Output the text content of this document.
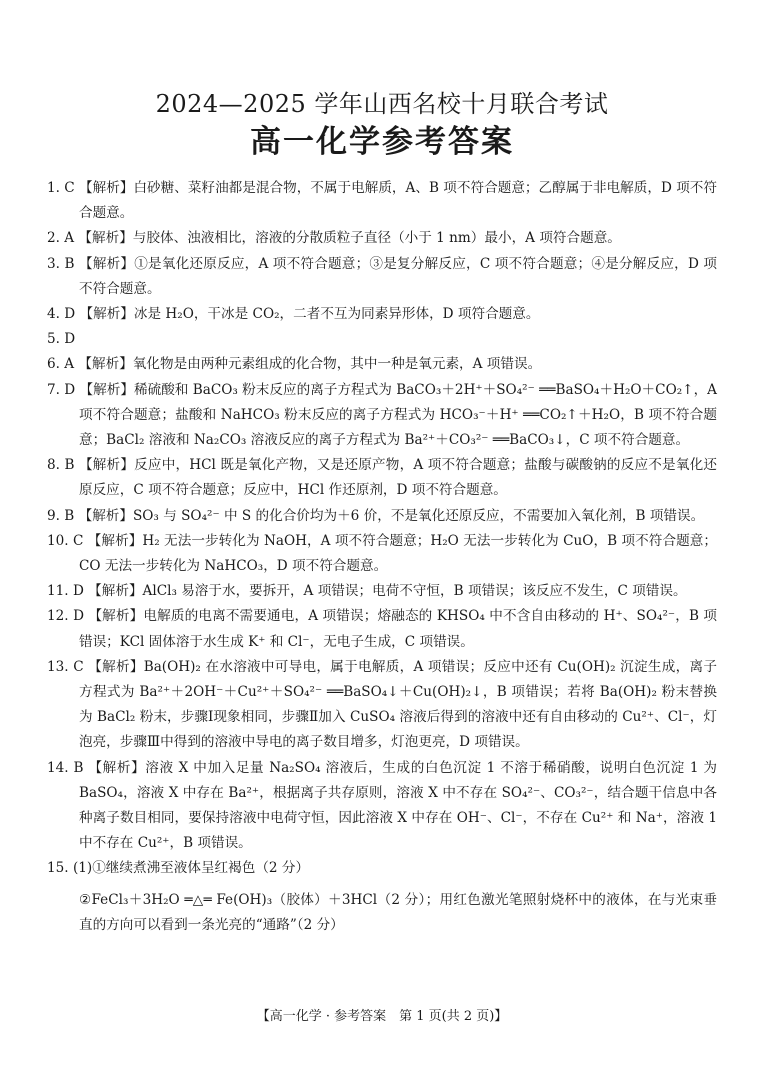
2024—2025 学年山西名校十月联合考试
高一化学参考答案

1. C 【解析】白砂糖、菜籽油都是混合物，不属于电解质，A、B 项不符合题意；乙醇属于非电解质，D 项不符合题意。

2. A 【解析】与胶体、浊液相比，溶液的分散质粒子直径（小于 1 nm）最小，A 项符合题意。

3. B 【解析】①是氧化还原反应，A 项不符合题意；③是复分解反应，C 项不符合题意；④是分解反应，D 项不符合题意。

4. D 【解析】冰是 H₂O，干冰是 CO₂，二者不互为同素异形体，D 项符合题意。

5. D

6. A 【解析】氧化物是由两种元素组成的化合物，其中一种是氧元素，A 项错误。

7. D 【解析】稀硫酸和 BaCO₃ 粉末反应的离子方程式为 BaCO₃＋2H⁺＋SO₄²⁻ ══BaSO₄＋H₂O＋CO₂↑，A 项不符合题意；盐酸和 NaHCO₃ 粉末反应的离子方程式为 HCO₃⁻＋H⁺ ══CO₂↑＋H₂O，B 项不符合题意；BaCl₂ 溶液和 Na₂CO₃ 溶液反应的离子方程式为 Ba²⁺＋CO₃²⁻ ══BaCO₃↓，C 项不符合题意。

8. B 【解析】反应中，HCl 既是氧化产物，又是还原产物，A 项不符合题意；盐酸与碳酸钠的反应不是氧化还原反应，C 项不符合题意；反应中，HCl 作还原剂，D 项不符合题意。

9. B 【解析】SO₃ 与 SO₄²⁻ 中 S 的化合价均为＋6 价，不是氧化还原反应，不需要加入氧化剂，B 项错误。

10. C 【解析】H₂ 无法一步转化为 NaOH，A 项不符合题意；H₂O 无法一步转化为 CuO，B 项不符合题意；CO 无法一步转化为 NaHCO₃，D 项不符合题意。

11. D 【解析】AlCl₃ 易溶于水，要拆开，A 项错误；电荷不守恒，B 项错误；该反应不发生，C 项错误。

12. D 【解析】电解质的电离不需要通电，A 项错误；熔融态的 KHSO₄ 中不含自由移动的 H⁺、SO₄²⁻，B 项错误；KCl 固体溶于水生成 K⁺ 和 Cl⁻，无电子生成，C 项错误。

13. C 【解析】Ba(OH)₂ 在水溶液中可导电，属于电解质，A 项错误；反应中还有 Cu(OH)₂ 沉淀生成，离子方程式为 Ba²⁺＋2OH⁻＋Cu²⁺＋SO₄²⁻ ══BaSO₄↓＋Cu(OH)₂↓，B 项错误；若将 Ba(OH)₂ 粉末替换为 BaCl₂ 粉末，步骤Ⅰ现象相同，步骤Ⅱ加入 CuSO₄ 溶液后得到的溶液中还有自由移动的 Cu²⁺、Cl⁻，灯泡亮，步骤Ⅲ中得到的溶液中导电的离子数目增多，灯泡更亮，D 项错误。

14. B 【解析】溶液 X 中加入足量 Na₂SO₄ 溶液后，生成的白色沉淀 1 不溶于稀硝酸，说明白色沉淀 1 为 BaSO₄，溶液 X 中存在 Ba²⁺，根据离子共存原则，溶液 X 中不存在 SO₄²⁻、CO₃²⁻，结合题干信息中各种离子数目相同，要保持溶液中电荷守恒，因此溶液 X 中存在 OH⁻、Cl⁻，不存在 Cu²⁺ 和 Na⁺，溶液 1 中不存在 Cu²⁺，B 项错误。

15. (1)①继续煮沸至液体呈红褐色（2 分）

②FeCl₃＋3H₂O ═△═ Fe(OH)₃（胶体）＋3HCl（2 分）；用红色激光笔照射烧杯中的液体，在与光束垂直的方向可以看到一条光亮的“通路”（2 分）

【高一化学 · 参考答案　第 1 页(共 2 页)】
